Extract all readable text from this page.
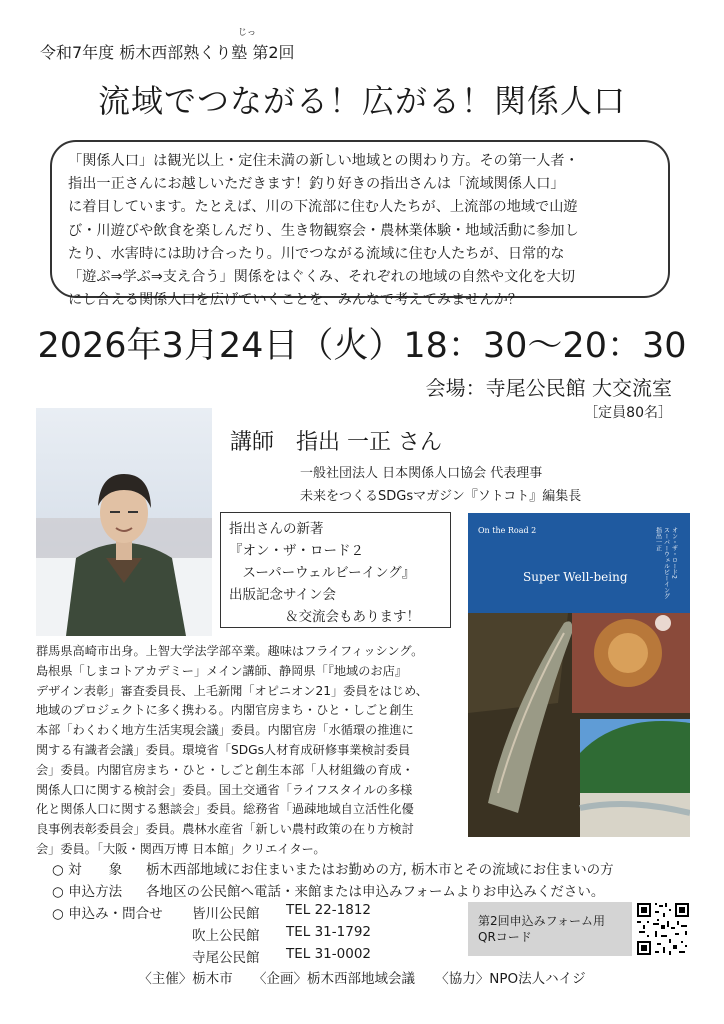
令和7年度 栃木西部熟くり塾 第2回
じっ
流域でつながる！広がる！関係人口
「関係人口」は観光以上・定住未満の新しい地域との関わり方。その第一人者・
指出一正さんにお越しいただきます！釣り好きの指出さんは「流域関係人口」
に着目しています。たとえば、川の下流部に住む人たちが、上流部の地域で山遊
び・川遊びや飲食を楽しんだり、生き物観察会・農林業体験・地域活動に参加し
たり、水害時には助け合ったり。川でつながる流域に住む人たちが、日常的な
「遊ぶ⇒学ぶ⇒支え合う」関係をはぐくみ、それぞれの地域の自然や文化を大切
にし合える関係人口を広げていくことを、みんなで考えてみませんか？
2026年3月24日（火）18：30～20：30
会場：寺尾公民館 大交流室
［定員80名］
講師　指出 一正 さん
一般社団法人 日本関係人口協会 代表理事
未来をつくるSDGsマガジン『ソトコト』編集長
指出さんの新著
『オン・ザ・ロード２
　スーパーウェルビーイング』
出版記念サイン会
＆交流会もあります！
On the Road 2
Super Well-being	オン・ザ・ロード2
スーパーウェルビーイング
指出一正
群馬県高崎市出身。上智大学法学部卒業。趣味はフライフィッシング。
島根県「しまコトアカデミー」メイン講師、静岡県「『地域のお店』
デザイン表彰」審査委員長、上毛新聞「オピニオン21」委員をはじめ、
地域のプロジェクトに多く携わる。内閣官房まち・ひと・しごと創生
本部「わくわく地方生活実現会議」委員。内閣官房「水循環の推進に
関する有識者会議」委員。環境省「SDGs人材育成研修事業検討委員
会」委員。内閣官房まち・ひと・しごと創生本部「人材組織の育成・
関係人口に関する検討会」委員。国土交通省「ライフスタイルの多様
化と関係人口に関する懇談会」委員。総務省「過疎地域自立活性化優
良事例表彰委員会」委員。農林水産省「新しい農村政策の在り方検討
会」委員。「大阪・関西万博 日本館」クリエイター。
○ 対　　象 栃木西部地域にお住まいまたはお勤めの方, 栃木市とその流域にお住まいの方
○ 申込方法 各地区の公民館へ電話・来館または申込みフォームよりお申込みください。
○ 申込み・問合せ 皆川公民館 TEL 22-1812
吹上公民館 TEL 31-1792
寺尾公民館 TEL 31-0002
第2回申込みフォーム用
QRコード
〈主催〉栃木市　　〈企画〉栃木西部地域会議　　〈協力〉NPO法人ハイジ
